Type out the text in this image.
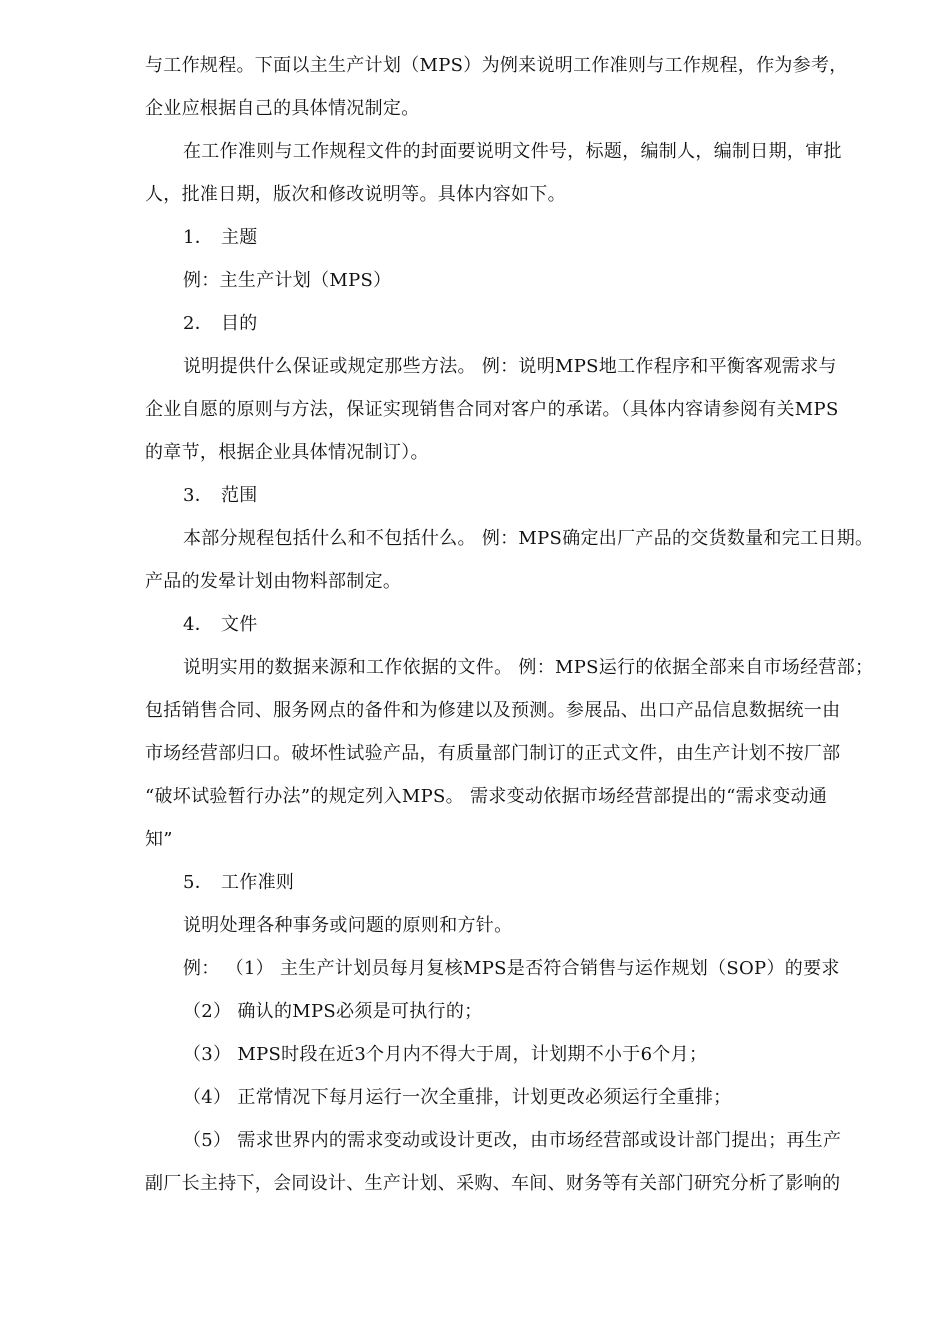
与工作规程。下面以主生产计划（MPS）为例来说明工作准则与工作规程，作为参考，
企业应根据自己的具体情况制定。
在工作准则与工作规程文件的封面要说明文件号，标题，编制人，编制日期，审批
人，批准日期，版次和修改说明等。具体内容如下。
1． 主题
例：主生产计划（MPS）
2． 目的
说明提供什么保证或规定那些方法。 例：说明MPS地工作程序和平衡客观需求与
企业自愿的原则与方法，保证实现销售合同对客户的承诺。（具体内容请参阅有关MPS
的章节，根据企业具体情况制订）。
3． 范围
本部分规程包括什么和不包括什么。 例：MPS确定出厂产品的交货数量和完工日期。
产品的发晕计划由物料部制定。
4． 文件
说明实用的数据来源和工作依据的文件。 例：MPS运行的依据全部来自市场经营部；
包括销售合同、服务网点的备件和为修建以及预测。参展品、出口产品信息数据统一由
市场经营部归口。破坏性试验产品，有质量部门制订的正式文件，由生产计划不按厂部
“破坏试验暂行办法”的规定列入MPS。 需求变动依据市场经营部提出的“需求变动通
知”
5． 工作准则
说明处理各种事务或问题的原则和方针。
例： （1） 主生产计划员每月复核MPS是否符合销售与运作规划（SOP）的要求
（2） 确认的MPS必须是可执行的；
（3） MPS时段在近3个月内不得大于周，计划期不小于6个月；
（4） 正常情况下每月运行一次全重排，计划更改必须运行全重排；
（5） 需求世界内的需求变动或设计更改，由市场经营部或设计部门提出；再生产
副厂长主持下，会同设计、生产计划、采购、车间、财务等有关部门研究分析了影响的
